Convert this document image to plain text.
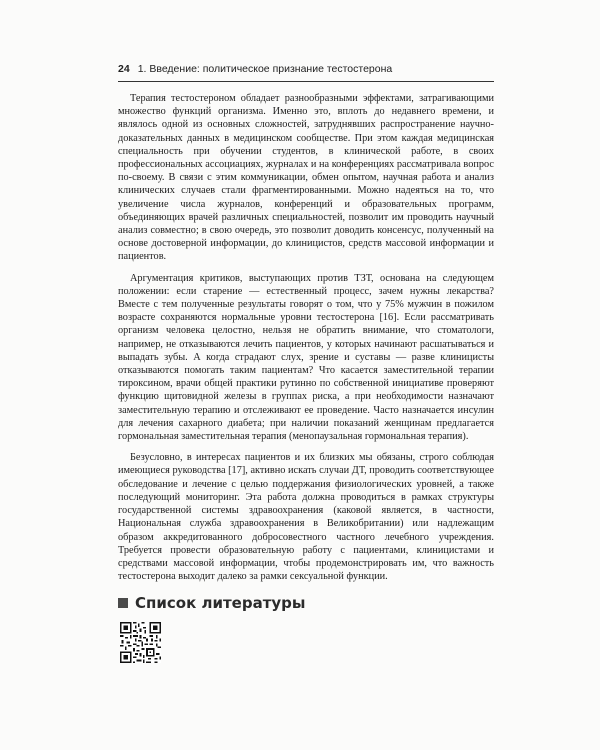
24 1. Введение: политическое признание тестостерона

Терапия тестостероном обладает разнообразными эффектами, затрагивающими множество функций организма. Именно это, вплоть до недавнего времени, и являлось одной из основных сложностей, затруднявших распространение научно-доказательных данных в медицинском сообществе. При этом каждая медицинская специальность при обучении студентов, в клинической работе, в своих профессиональных ассоциациях, журналах и на конференциях рассматривала вопрос по-своему. В связи с этим коммуникации, обмен опытом, научная работа и анализ клинических случаев стали фрагментированными. Можно надеяться на то, что увеличение числа журналов, конференций и образовательных программ, объединяющих врачей различных специальностей, позволит им проводить научный анализ совместно; в свою очередь, это позволит доводить консенсус, полученный на основе достоверной информации, до клиницистов, средств массовой информации и пациентов.

Аргументация критиков, выступающих против ТЗТ, основана на следующем положении: если старение — естественный процесс, зачем нужны лекарства? Вместе с тем полученные результаты говорят о том, что у 75% мужчин в пожилом возрасте сохраняются нормальные уровни тестостерона [16]. Если рассматривать организм человека целостно, нельзя не обратить внимание, что стоматологи, например, не отказываются лечить пациентов, у которых начинают расшатываться и выпадать зубы. А когда страдают слух, зрение и суставы — разве клиницисты отказываются помогать таким пациентам? Что касается заместительной терапии тироксином, врачи общей практики рутинно по собственной инициативе проверяют функцию щитовидной железы в группах риска, а при необходимости назначают заместительную терапию и отслеживают ее проведение. Часто назначается инсулин для лечения сахарного диабета; при наличии показаний женщинам предлагается гормональная заместительная терапия (менопаузальная гормональная терапия).

Безусловно, в интересах пациентов и их близких мы обязаны, строго соблюдая имеющиеся руководства [17], активно искать случаи ДТ, проводить соответствующее обследование и лечение с целью поддержания физиологических уровней, а также последующий мониторинг. Эта работа должна проводиться в рамках структуры государственной системы здравоохранения (каковой является, в частности, Национальная служба здравоохранения в Великобритании) или надлежащим образом аккредитованного добросовестного частного лечебного учреждения. Требуется провести образовательную работу с пациентами, клиницистами и средствами массовой информации, чтобы продемонстрировать им, что важность тестостерона выходит далеко за рамки сексуальной функции.

Список литературы
